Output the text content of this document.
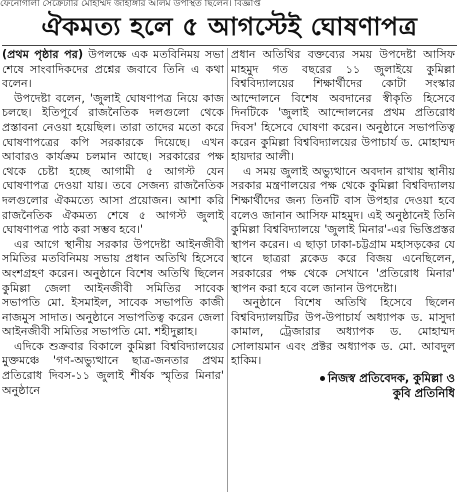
ফেনোগালী সেক্রেটারি মোহাম্মদ জাহাঙ্গীর আলম উপস্থিত ছিলেন। বিজ্ঞপ্তি
ঐকমত্য হলে ৫ আগস্টেই ঘোষণাপত্র

(প্রথম পৃষ্ঠার পর) উপলক্ষে এক মতবিনিময় সভা শেষে সাংবাদিকদের প্রশ্নের জবাবে তিনি এ কথা বলেন।

উপদেষ্টা বলেন, 'জুলাই ঘোষণাপত্র নিয়ে কাজ চলছে। ইতিপূর্বে রাজনৈতিক দলগুলো থেকে প্রস্তাবনা নেওয়া হয়েছিল। তারা তাদের মতো করে ঘোষণাপত্রের কপি সরকারকে দিয়েছে। এখন আবারও কার্যক্রম চলমান আছে। সরকারের পক্ষ থেকে চেষ্টা হচ্ছে আগামী ৫ আগস্ট যেন ঘোষণাপত্র দেওয়া যায়। তবে সেজন্য রাজনৈতিক দলগুলোর ঐকমত্যে আসা প্রয়োজন। আশা করি রাজনৈতিক ঐকমত্য শেষে ৫ আগস্ট জুলাই ঘোষণাপত্র পাঠ করা সম্ভব হবে।'

এর আগে স্থানীয় সরকার উপদেষ্টা আইনজীবী সমিতির মতবিনিময় সভায় প্রধান অতিথি হিসেবে অংশগ্রহণ করেন। অনুষ্ঠানে বিশেষ অতিথি ছিলেন কুমিল্লা জেলা আইনজীবী সমিতির সাবেক সভাপতি মো. ইসমাইল, সাবেক সভাপতি কাজী নাজমুস সাদাত। অনুষ্ঠানে সভাপতিত্ব করেন জেলা আইনজীবী সমিতির সভাপতি মো. শহীদুল্লাহ।

এদিকে শুক্রবার বিকালে কুমিল্লা বিশ্ববিদ্যালয়ের মুক্তমঞ্চে 'গণ-অভ্যুত্থানে ছাত্র-জনতার প্রথম প্রতিরোধ দিবস-১১ জুলাই শীর্ষক স্মৃতির মিনার' অনুষ্ঠানে

প্রধান অতিথির বক্তব্যের সময় উপদেষ্টা আসিফ মাহমুদ গত বছরের ১১ জুলাইয়ে কুমিল্লা বিশ্ববিদ্যালয়ের শিক্ষার্থীদের কোটা সংস্কার আন্দোলনে বিশেষ অবদানের স্বীকৃতি হিসেবে দিনটিকে 'জুলাই আন্দোলনের প্রথম প্রতিরোধ দিবস' হিসেবে ঘোষণা করেন। অনুষ্ঠানে সভাপতিত্ব করেন কুমিল্লা বিশ্ববিদ্যালয়ের উপাচার্য ড. মোহাম্মদ হায়দার আলী।

এ সময় জুলাই অভ্যুত্থানে অবদান রাখায় স্থানীয় সরকার মন্ত্রণালয়ের পক্ষ থেকে কুমিল্লা বিশ্ববিদ্যালয় শিক্ষার্থীদের জন্য তিনটি বাস উপহার দেওয়া হবে বলেও জানান আসিফ মাহমুদ। এই অনুষ্ঠানেই তিনি কুমিল্লা বিশ্ববিদ্যালয়ে 'জুলাই মিনার'-এর ভিত্তিপ্রস্তর স্থাপন করেন। এ ছাড়া ঢাকা-চট্টগ্রাম মহাসড়কের যে স্থানে ছাত্ররা ব্লকেড করে বিজয় এনেছিলেন, সরকারের পক্ষ থেকে সেখানে 'প্রতিরোধ মিনার' স্থাপন করা হবে বলে জানান উপদেষ্টা।

অনুষ্ঠানে বিশেষ অতিথি হিসেবে ছিলেন বিশ্ববিদ্যালয়টির উপ-উপাচার্য অধ্যাপক ড. মাসুদা কামাল, ট্রেজারার অধ্যাপক ড. মোহাম্মদ সোলায়মান এবং প্রক্টর অধ্যাপক ড. মো. আবদুল হাকিম।

নিজস্ব প্রতিবেদক, কুমিল্লা ও
কুবি প্রতিনিধি
